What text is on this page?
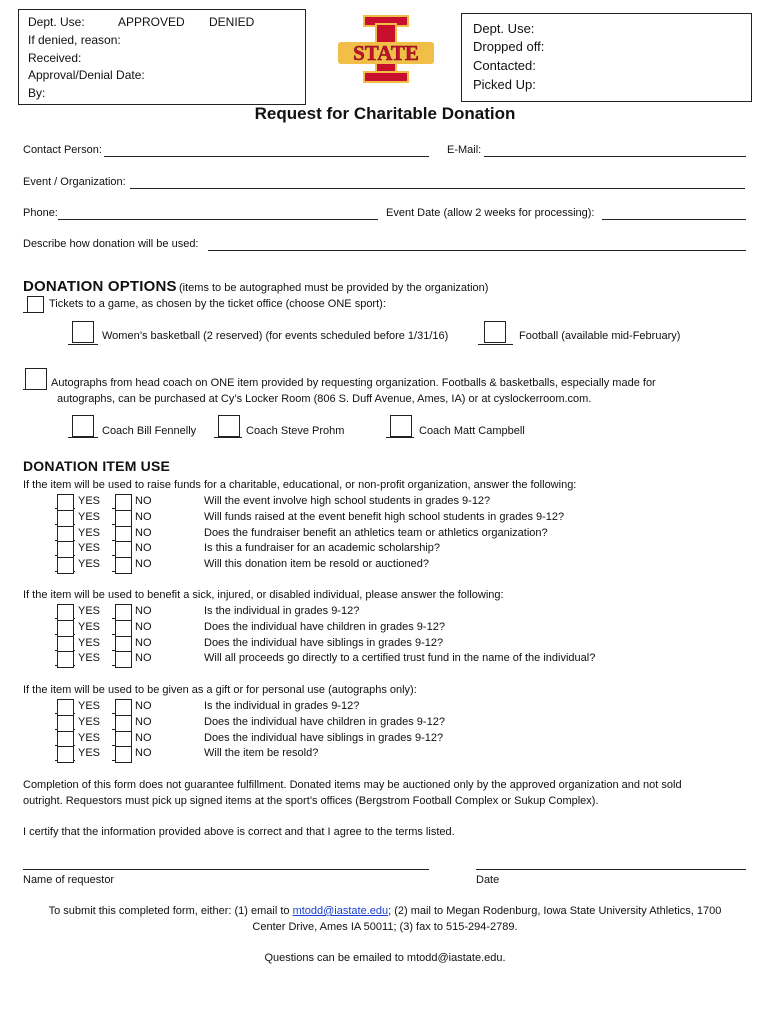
Dept. Use:	APPROVED DENIED
If denied, reason:
Received:
Approval/Denial Date:
By:
STATE
Dept. Use:
Dropped off:
Contacted:
Picked Up:
Request for Charitable Donation
Contact Person:	E-Mail:
Event / Organization:
Phone:	Event Date (allow 2 weeks for processing):
Describe how donation will be used:
DONATION OPTIONS (items to be autographed must be provided by the organization)
Tickets to a game, as chosen by the ticket office (choose ONE sport):
Women’s basketball (2 reserved) (for events scheduled before 1/31/16)	Football (available mid-February)
Autographs from head coach on ONE item provided by requesting organization. Footballs & basketballs, especially made for
autographs, can be purchased at Cy’s Locker Room (806 S. Duff Avenue, Ames, IA) or at cyslockerroom.com.
Coach Bill Fennelly	Coach Steve Prohm	Coach Matt Campbell
DONATION ITEM USE
If the item will be used to raise funds for a charitable, educational, or non-profit organization, answer the following:
YES	NO	Will the event involve high school students in grades 9-12?
YES	NO	Will funds raised at the event benefit high school students in grades 9-12?
YES	NO	Does the fundraiser benefit an athletics team or athletics organization?
YES	NO	Is this a fundraiser for an academic scholarship?
YES	NO	Will this donation item be resold or auctioned?
If the item will be used to benefit a sick, injured, or disabled individual, please answer the following:
YES	NO	Is the individual in grades 9-12?
YES	NO	Does the individual have children in grades 9-12?
YES	NO	Does the individual have siblings in grades 9-12?
YES	NO	Will all proceeds go directly to a certified trust fund in the name of the individual?
If the item will be used to be given as a gift or for personal use (autographs only):
YES	NO	Is the individual in grades 9-12?
YES	NO	Does the individual have children in grades 9-12?
YES	NO	Does the individual have siblings in grades 9-12?
YES	NO	Will the item be resold?
Completion of this form does not guarantee fulfillment. Donated items may be auctioned only by the approved organization and not sold
outright. Requestors must pick up signed items at the sport’s offices (Bergstrom Football Complex or Sukup Complex).
I certify that the information provided above is correct and that I agree to the terms listed.
Name of requestor	Date
To submit this completed form, either: (1) email to mtodd@iastate.edu; (2) mail to Megan Rodenburg, Iowa State University Athletics, 1700
Center Drive, Ames IA 50011; (3) fax to 515-294-2789.
Questions can be emailed to mtodd@iastate.edu.
